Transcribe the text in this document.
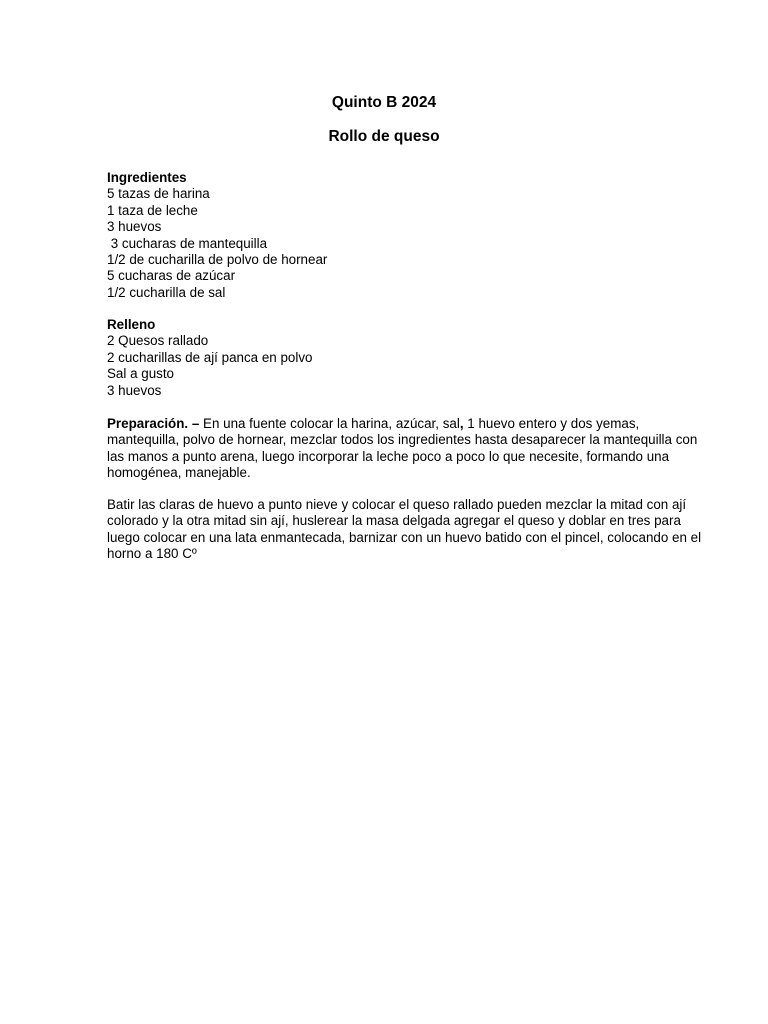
Quinto B 2024
Rollo de queso
Ingredientes
5 tazas de harina
1 taza de leche
3 huevos
3 cucharas de mantequilla
1/2 de cucharilla de polvo de hornear
5 cucharas de azúcar
1/2 cucharilla de sal
Relleno
2 Quesos rallado
2 cucharillas de ají panca en polvo
Sal a gusto
3 huevos

Preparación. – En una fuente colocar la harina, azúcar, sal, 1 huevo entero y dos yemas, mantequilla, polvo de hornear, mezclar todos los ingredientes hasta desaparecer la mantequilla con las manos a punto arena, luego incorporar la leche poco a poco lo que necesite, formando una homogénea, manejable.

Batir las claras de huevo a punto nieve y colocar el queso rallado pueden mezclar la mitad con ají colorado y la otra mitad sin ají, huslerear la masa delgada agregar el queso y doblar en tres para luego colocar en una lata enmantecada, barnizar con un huevo batido con el pincel, colocando en el horno a 180 Cº
